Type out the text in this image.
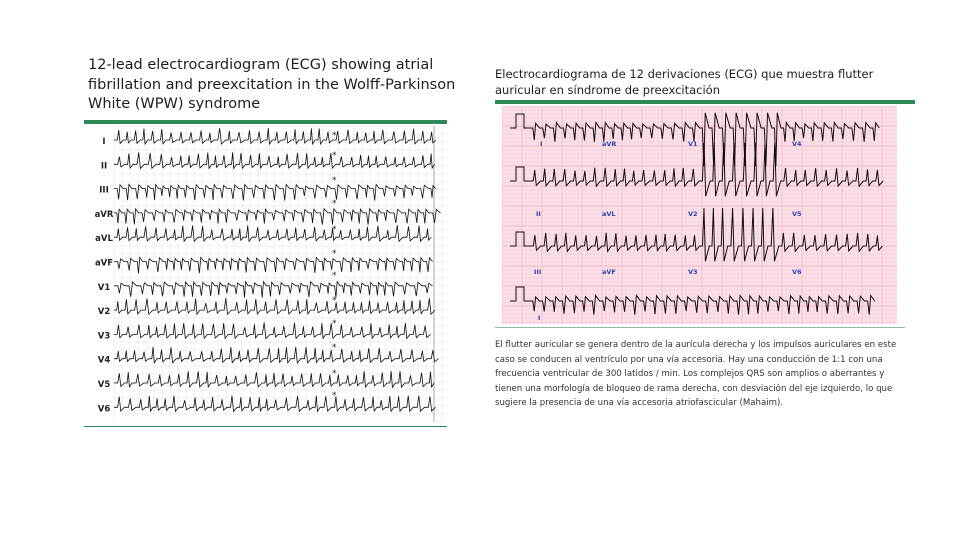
12-lead electrocardiogram (ECG) showing atrial fibrillation and preexcitation in the Wolff-Parkinson White (WPW) syndrome
I
II
III
aVR
aVL
aVF
V1
V2
V3
V4
V5
V6
*
*
*
*
*
*
*
*
*
*
*
*
Electrocardiograma de 12 derivaciones (ECG) que muestra flutter auricular en síndrome de preexcitación
I	aVR	V1	V4
II	aVL	V2	V5
III	aVF	V3	V6
I
El flutter auricular se genera dentro de la aurícula derecha y los impulsos auriculares en este caso se conducen al ventrículo por una vía accesoria. Hay una conducción de 1:1 con una frecuencia ventricular de 300 latidos / min. Los complejos QRS son amplios o aberrantes y tienen una morfología de bloqueo de rama derecha, con desviación del eje izquierdo, lo que sugiere la presencia de una vía accesoria atriofascicular (Mahaim).
